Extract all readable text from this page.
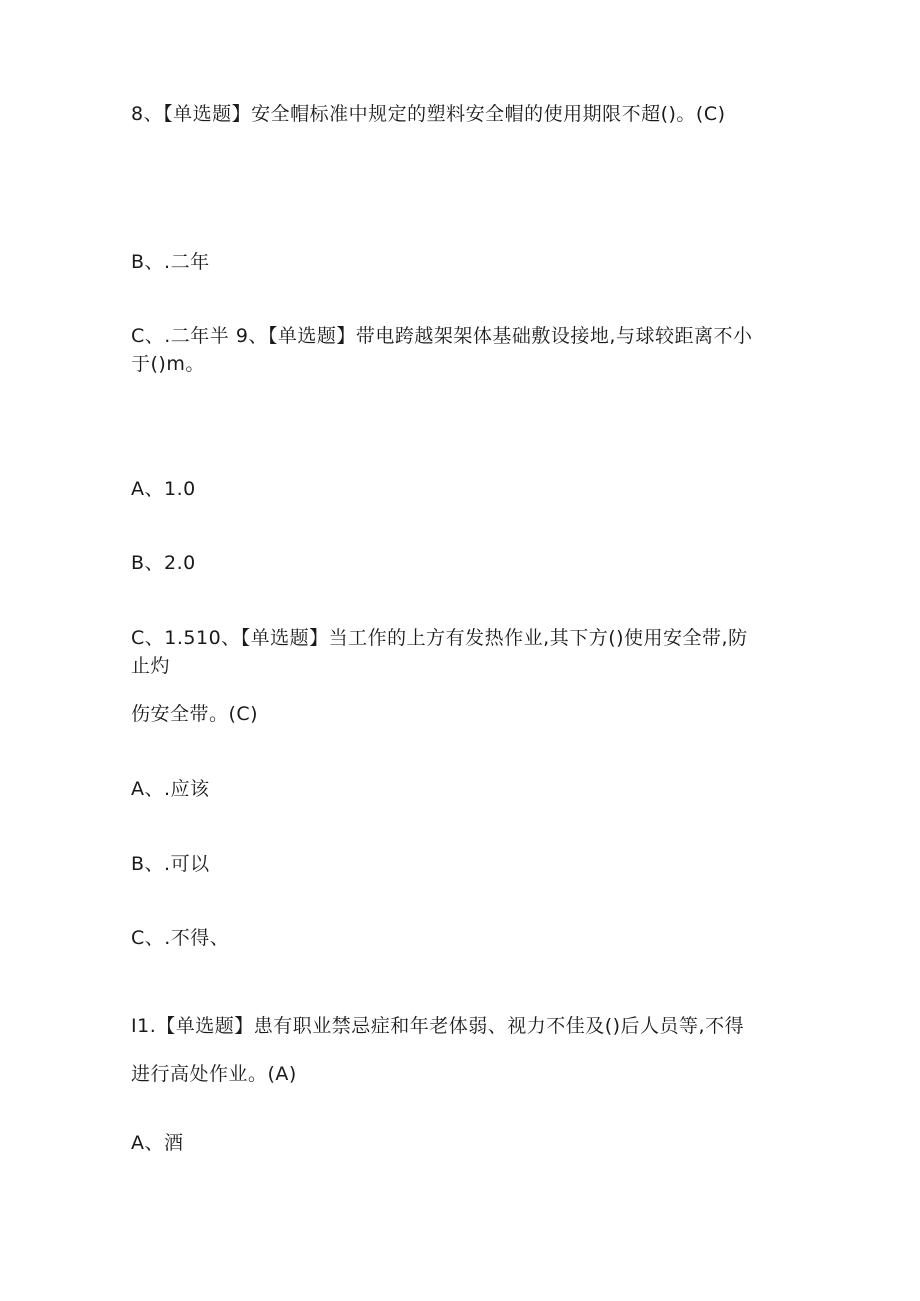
8、【单选题】安全帽标准中规定的塑料安全帽的使用期限不超()。(C)
B、.二年
C、.二年半 9、【单选题】带电跨越架架体基础敷设接地,与球较距离不小
于()m。
A、1.0
B、2.0
C、1.510、【单选题】当工作的上方有发热作业,其下方()使用安全带,防
止灼
伤安全带。(C)
A、.应该
B、.可以
C、.不得、
I1.【单选题】患有职业禁忌症和年老体弱、视力不佳及()后人员等,不得
进行高处作业。(A)
A、酒
